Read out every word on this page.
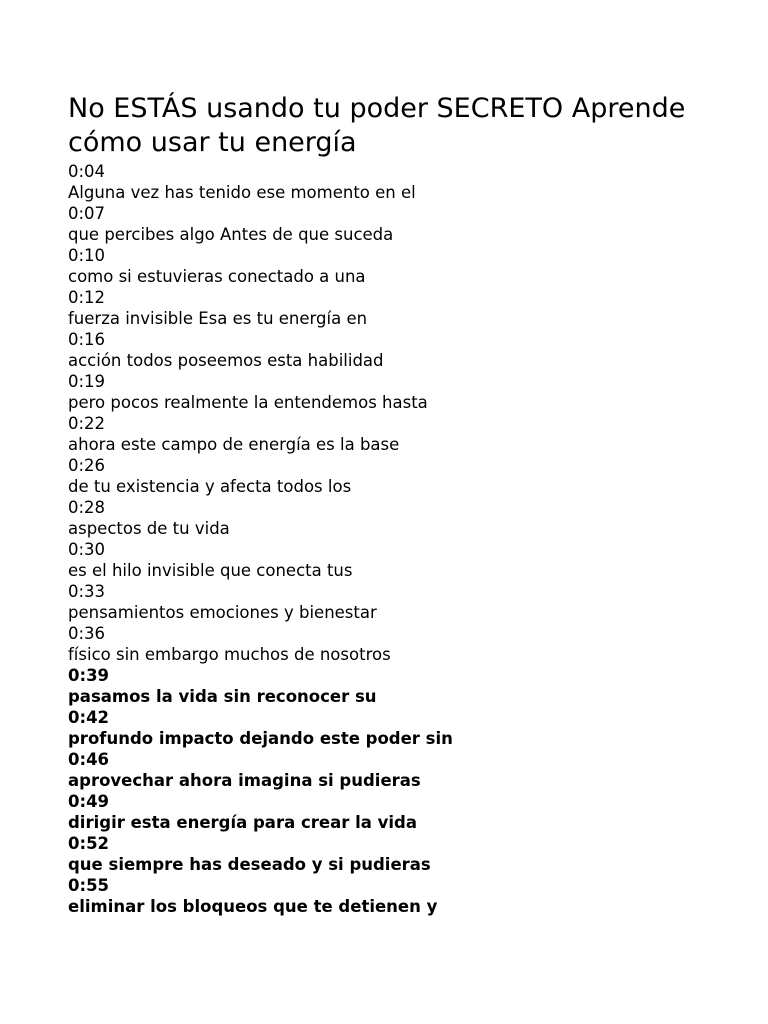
No ESTÁS usando tu poder SECRETO Aprende cómo usar tu energía
0:04
Alguna vez has tenido ese momento en el
0:07
que percibes algo Antes de que suceda
0:10
como si estuvieras conectado a una
0:12
fuerza invisible Esa es tu energía en
0:16
acción todos poseemos esta habilidad
0:19
pero pocos realmente la entendemos hasta
0:22
ahora este campo de energía es la base
0:26
de tu existencia y afecta todos los
0:28
aspectos de tu vida
0:30
es el hilo invisible que conecta tus
0:33
pensamientos emociones y bienestar
0:36
físico sin embargo muchos de nosotros
0:39
pasamos la vida sin reconocer su
0:42
profundo impacto dejando este poder sin
0:46
aprovechar ahora imagina si pudieras
0:49
dirigir esta energía para crear la vida
0:52
que siempre has deseado y si pudieras
0:55
eliminar los bloqueos que te detienen y
